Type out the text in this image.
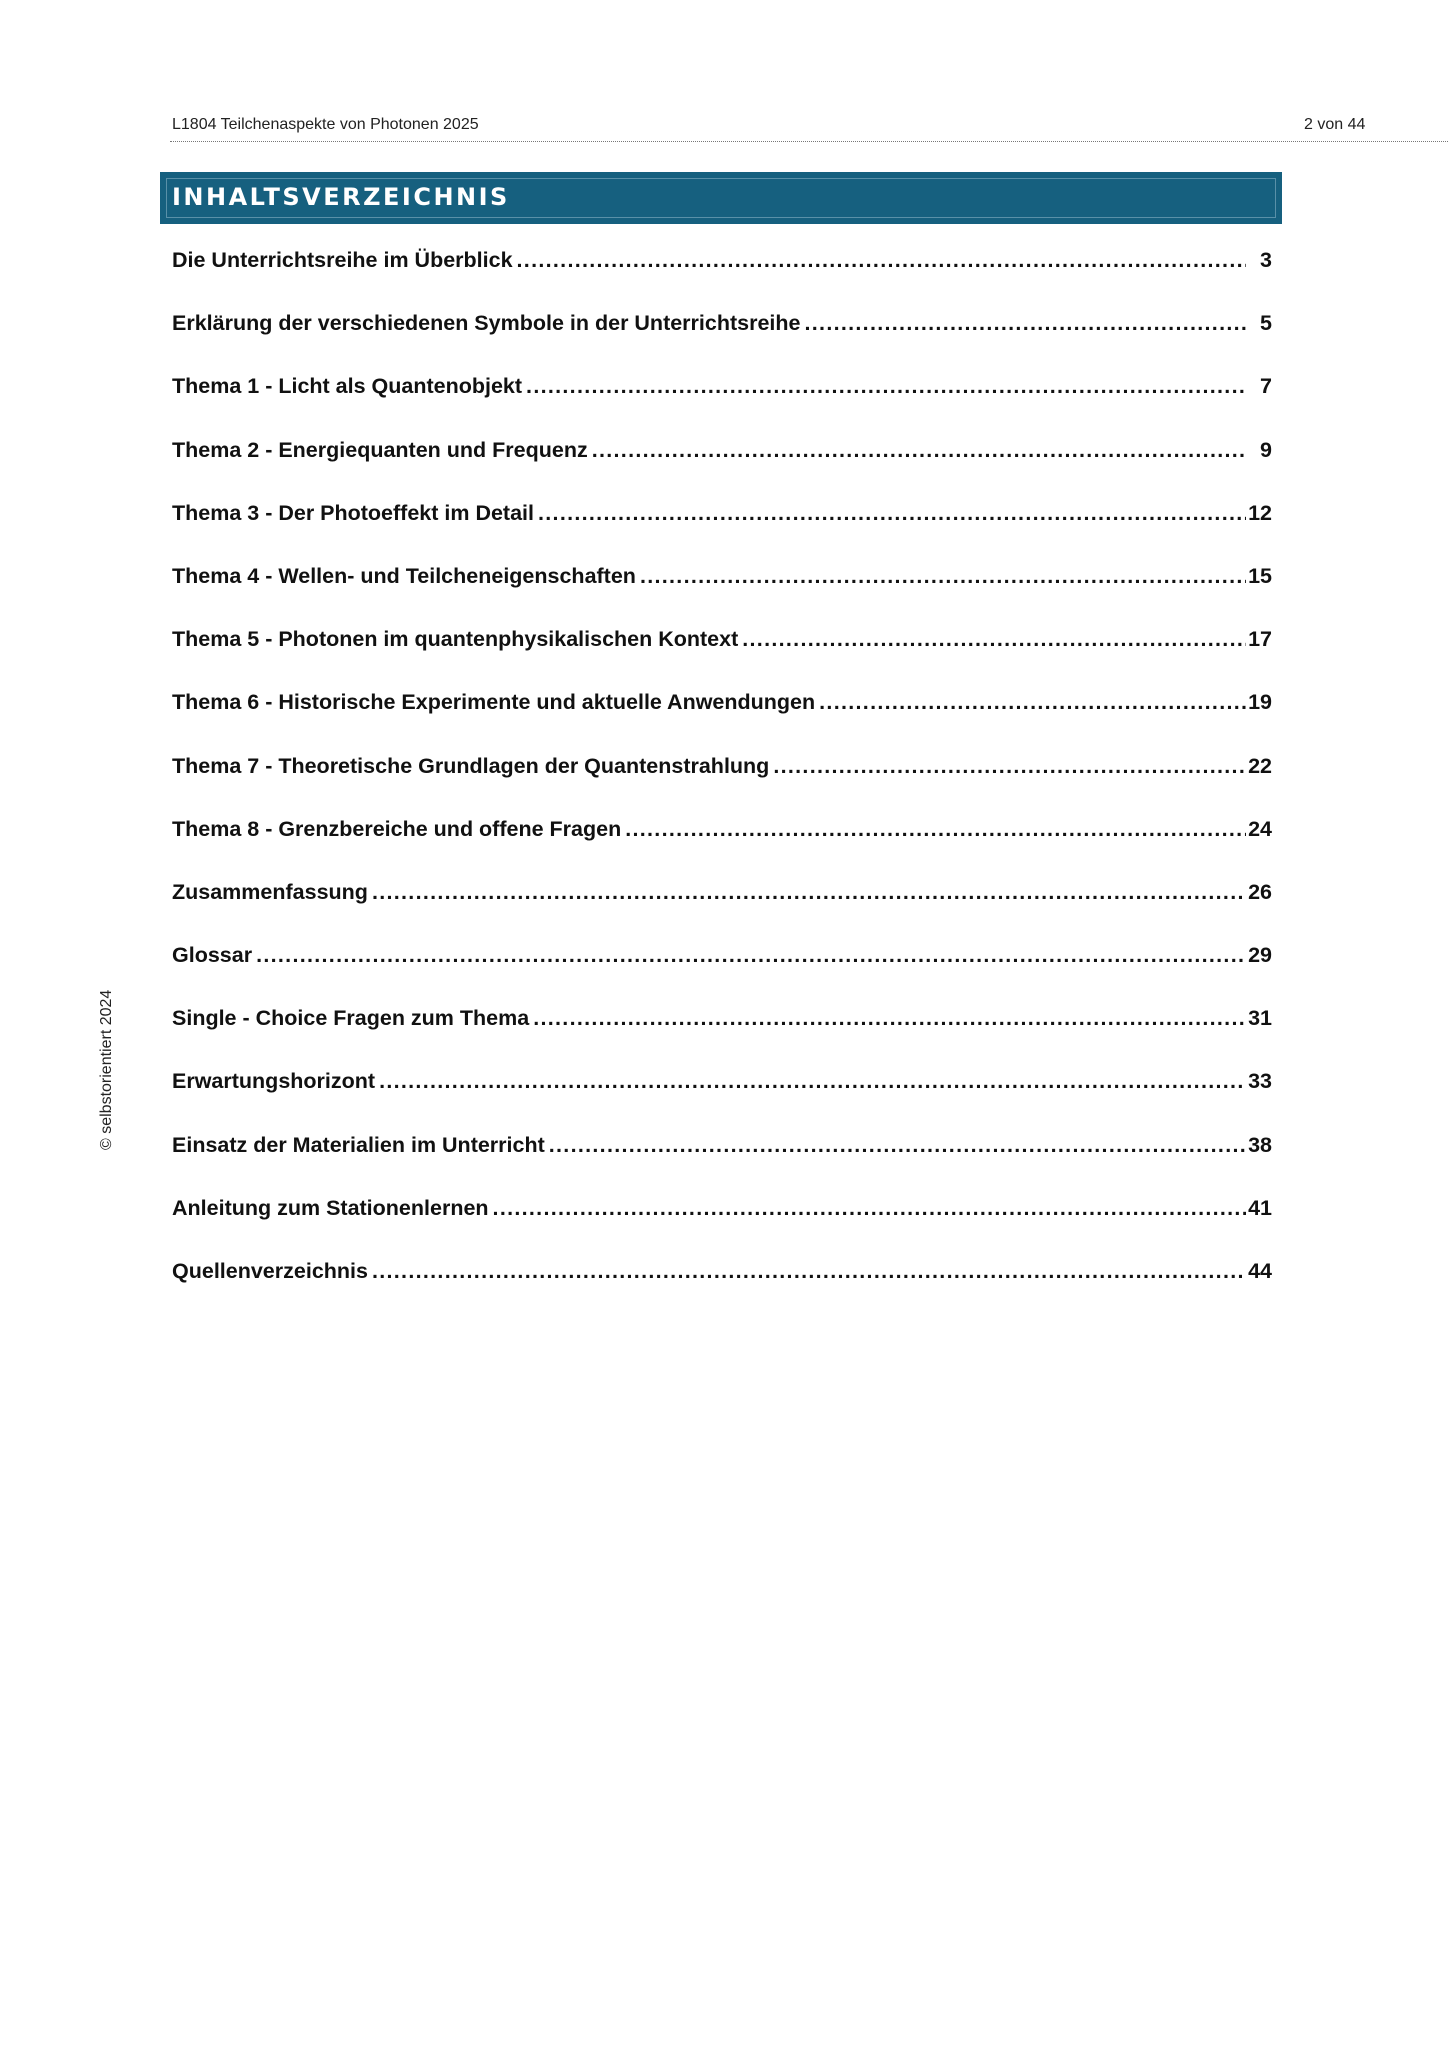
L1804 Teilchenaspekte von Photonen 2025	2 von 44
INHALTSVERZEICHNIS
Die Unterrichtsreihe im Überblick .....	3
Erklärung der verschiedenen Symbole in der Unterrichtsreihe .....	5
Thema 1 - Licht als Quantenobjekt .....	7
Thema 2 - Energiequanten und Frequenz .....	9
Thema 3 - Der Photoeffekt im Detail .....	12
Thema 4 - Wellen- und Teilcheneigenschaften .....	15
Thema 5 - Photonen im quantenphysikalischen Kontext .....	17
Thema 6 - Historische Experimente und aktuelle Anwendungen .....	19
Thema 7 - Theoretische Grundlagen der Quantenstrahlung .....	22
Thema 8 - Grenzbereiche und offene Fragen .....	24
Zusammenfassung .....	26
Glossar .....	29
Single - Choice Fragen zum Thema .....	31
Erwartungshorizont .....	33
Einsatz der Materialien im Unterricht .....	38
Anleitung zum Stationenlernen .....	41
Quellenverzeichnis .....	44
© selbstorientiert 2024
